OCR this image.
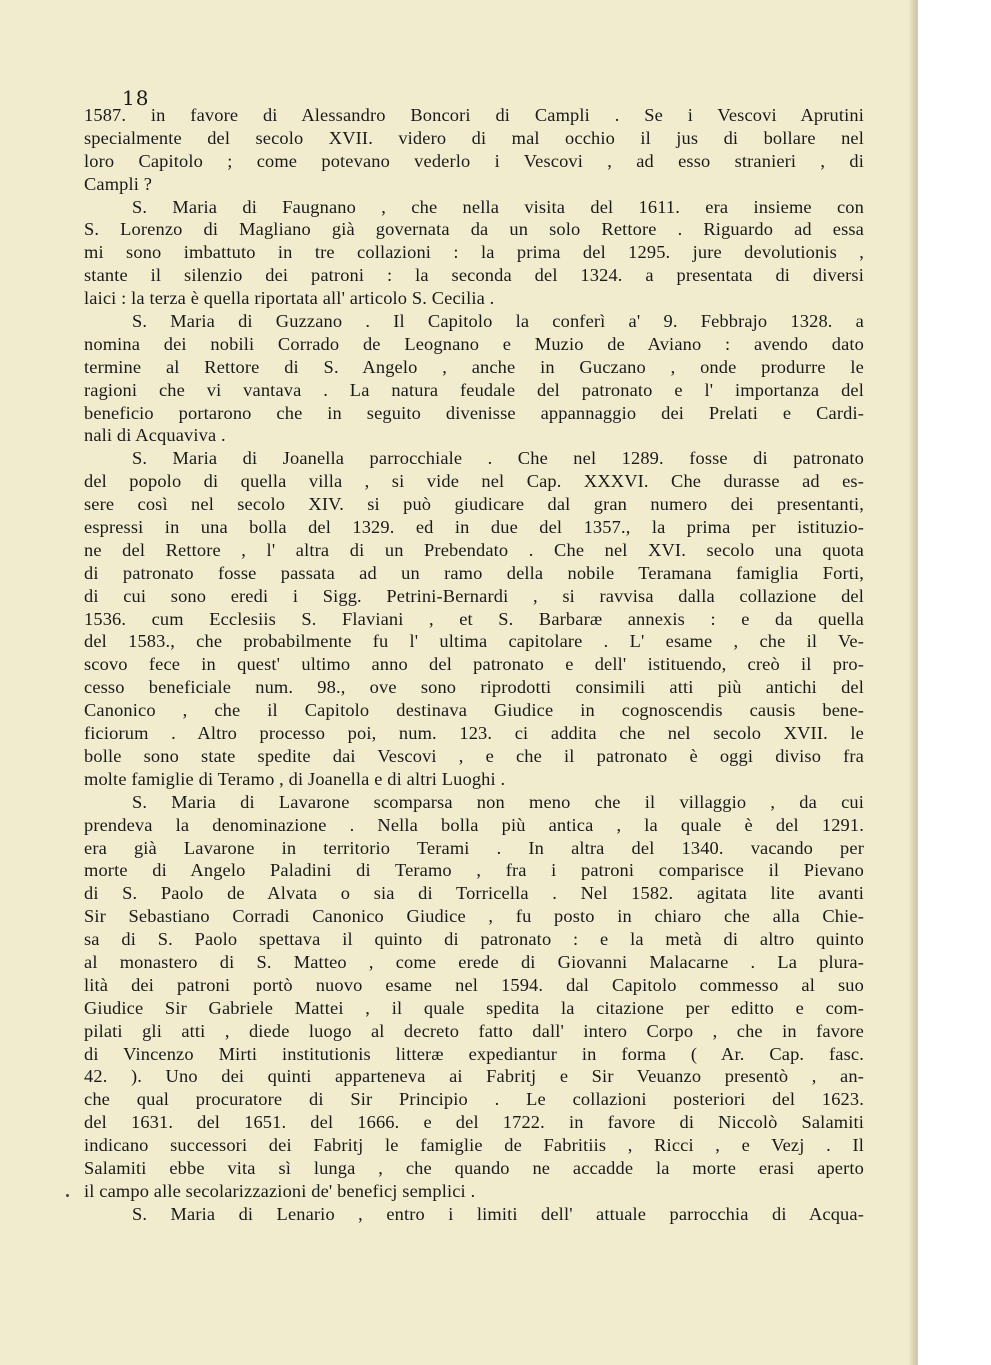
18
1587. in favore di Alessandro Boncori di Campli . Se i Vescovi Aprutini
specialmente del secolo XVII. videro di mal occhio il jus di bollare nel
loro Capitolo ; come potevano vederlo i Vescovi , ad esso stranieri , di
Campli ?
S. Maria di Faugnano , che nella visita del 1611. era insieme con
S. Lorenzo di Magliano già governata da un solo Rettore . Riguardo ad essa
mi sono imbattuto in tre collazioni : la prima del 1295. jure devolutionis ,
stante il silenzio dei patroni : la seconda del 1324. a presentata di diversi
laici : la terza è quella riportata all' articolo S. Cecilia .
S. Maria di Guzzano . Il Capitolo la conferì a' 9. Febbrajo 1328. a
nomina dei nobili Corrado de Leognano e Muzio de Aviano : avendo dato
termine al Rettore di S. Angelo , anche in Guczano , onde produrre le
ragioni che vi vantava . La natura feudale del patronato e l' importanza del
beneficio portarono che in seguito divenisse appannaggio dei Prelati e Cardi-
nali di Acquaviva .
S. Maria di Joanella parrocchiale . Che nel 1289. fosse di patronato
del popolo di quella villa , si vide nel Cap. XXXVI. Che durasse ad es-
sere così nel secolo XIV. si può giudicare dal gran numero dei presentanti,
espressi in una bolla del 1329. ed in due del 1357., la prima per istituzio-
ne del Rettore , l' altra di un Prebendato . Che nel XVI. secolo una quota
di patronato fosse passata ad un ramo della nobile Teramana famiglia Forti,
di cui sono eredi i Sigg. Petrini-Bernardi , si ravvisa dalla collazione del
1536. cum Ecclesiis S. Flaviani , et S. Barbaræ annexis : e da quella
del 1583., che probabilmente fu l' ultima capitolare . L' esame , che il Ve-
scovo fece in quest' ultimo anno del patronato e dell' istituendo, creò il pro-
cesso beneficiale num. 98., ove sono riprodotti consimili atti più antichi del
Canonico , che il Capitolo destinava Giudice in cognoscendis causis bene-
ficiorum . Altro processo poi, num. 123. ci addita che nel secolo XVII. le
bolle sono state spedite dai Vescovi , e che il patronato è oggi diviso fra
molte famiglie di Teramo , di Joanella e di altri Luoghi .
S. Maria di Lavarone scomparsa non meno che il villaggio , da cui
prendeva la denominazione . Nella bolla più antica , la quale è del 1291.
era già Lavarone in territorio Terami . In altra del 1340. vacando per
morte di Angelo Paladini di Teramo , fra i patroni comparisce il Pievano
di S. Paolo de Alvata o sia di Torricella . Nel 1582. agitata lite avanti
Sir Sebastiano Corradi Canonico Giudice , fu posto in chiaro che alla Chie-
sa di S. Paolo spettava il quinto di patronato : e la metà di altro quinto
al monastero di S. Matteo , come erede di Giovanni Malacarne . La plura-
lità dei patroni portò nuovo esame nel 1594. dal Capitolo commesso al suo
Giudice Sir Gabriele Mattei , il quale spedita la citazione per editto e com-
pilati gli atti , diede luogo al decreto fatto dall' intero Corpo , che in favore
di Vincenzo Mirti institutionis litteræ expediantur in forma ( Ar. Cap. fasc.
42. ). Uno dei quinti apparteneva ai Fabritj e Sir Veuanzo presentò , an-
che qual procuratore di Sir Principio . Le collazioni posteriori del 1623.
del 1631. del 1651. del 1666. e del 1722. in favore di Niccolò Salamiti
indicano successori dei Fabritj le famiglie de Fabritiis , Ricci , e Vezj . Il
Salamiti ebbe vita sì lunga , che quando ne accadde la morte erasi aperto
il campo alle secolarizzazioni de' beneficj semplici .
S. Maria di Lenario , entro i limiti dell' attuale parrocchia di Acqua-
